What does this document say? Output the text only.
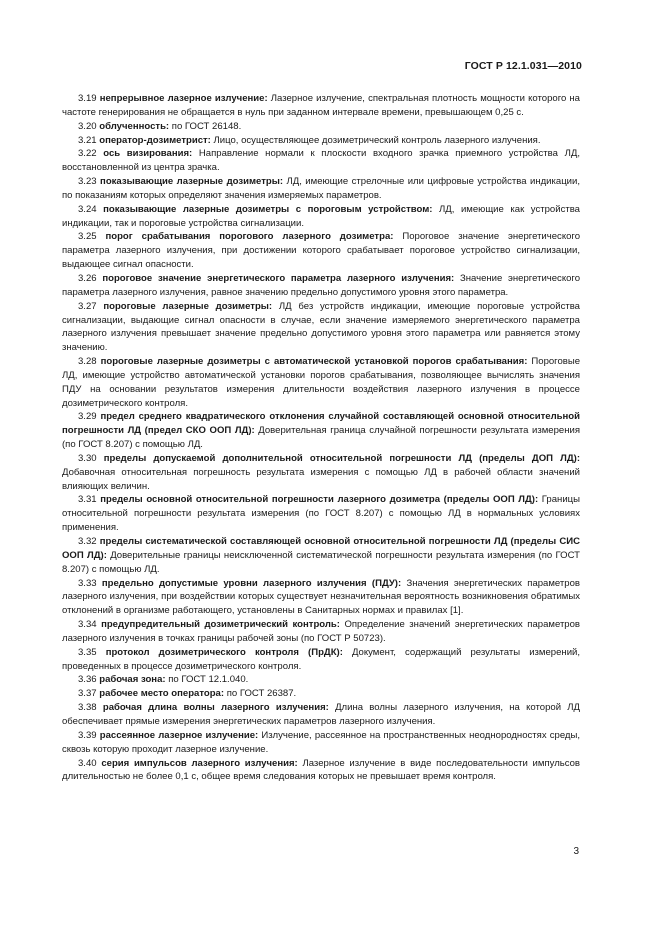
ГОСТ Р 12.1.031—2010

3.19 непрерывное лазерное излучение: Лазерное излучение, спектральная плотность мощности которого на частоте генерирования не обращается в нуль при заданном интервале времени, превышающем 0,25 с.

3.20 облученность: по ГОСТ 26148.

3.21 оператор-дозиметрист: Лицо, осуществляющее дозиметрический контроль лазерного излучения.

3.22 ось визирования: Направление нормали к плоскости входного зрачка приемного устройства ЛД, восстановленной из центра зрачка.

3.23 показывающие лазерные дозиметры: ЛД, имеющие стрелочные или цифровые устройства индикации, по показаниям которых определяют значения измеряемых параметров.

3.24 показывающие лазерные дозиметры с пороговым устройством: ЛД, имеющие как устройства индикации, так и пороговые устройства сигнализации.

3.25 порог срабатывания порогового лазерного дозиметра: Пороговое значение энергетического параметра лазерного излучения, при достижении которого срабатывает пороговое устройство сигнализации, выдающее сигнал опасности.

3.26 пороговое значение энергетического параметра лазерного излучения: Значение энергетического параметра лазерного излучения, равное значению предельно допустимого уровня этого параметра.

3.27 пороговые лазерные дозиметры: ЛД без устройств индикации, имеющие пороговые устройства сигнализации, выдающие сигнал опасности в случае, если значение измеряемого энергетического параметра лазерного излучения превышает значение предельно допустимого уровня этого параметра или равняется этому значению.

3.28 пороговые лазерные дозиметры с автоматической установкой порогов срабатывания: Пороговые ЛД, имеющие устройство автоматической установки порогов срабатывания, позволяющее вычислять значения ПДУ на основании результатов измерения длительности воздействия лазерного излучения в процессе дозиметрического контроля.

3.29 предел среднего квадратического отклонения случайной составляющей основной относительной погрешности ЛД (предел СКО ООП ЛД): Доверительная граница случайной погрешности результата измерения (по ГОСТ 8.207) с помощью ЛД.

3.30 пределы допускаемой дополнительной относительной погрешности ЛД (пределы ДОП ЛД): Добавочная относительная погрешность результата измерения с помощью ЛД в рабочей области значений влияющих величин.

3.31 пределы основной относительной погрешности лазерного дозиметра (пределы ООП ЛД): Границы относительной погрешности результата измерения (по ГОСТ 8.207) с помощью ЛД в нормальных условиях применения.

3.32 пределы систематической составляющей основной относительной погрешности ЛД (пределы СИС ООП ЛД): Доверительные границы неисключенной систематической погрешности результата измерения (по ГОСТ 8.207) с помощью ЛД.

3.33 предельно допустимые уровни лазерного излучения (ПДУ): Значения энергетических параметров лазерного излучения, при воздействии которых существует незначительная вероятность возникновения обратимых отклонений в организме работающего, установлены в Санитарных нормах и правилах [1].

3.34 предупредительный дозиметрический контроль: Определение значений энергетических параметров лазерного излучения в точках границы рабочей зоны (по ГОСТ Р 50723).

3.35 протокол дозиметрического контроля (ПрДК): Документ, содержащий результаты измерений, проведенных в процессе дозиметрического контроля.

3.36 рабочая зона: по ГОСТ 12.1.040.

3.37 рабочее место оператора: по ГОСТ 26387.

3.38 рабочая длина волны лазерного излучения: Длина волны лазерного излучения, на которой ЛД обеспечивает прямые измерения энергетических параметров лазерного излучения.

3.39 рассеянное лазерное излучение: Излучение, рассеянное на пространственных неоднородностях среды, сквозь которую проходит лазерное излучение.

3.40 серия импульсов лазерного излучения: Лазерное излучение в виде последовательности импульсов длительностью не более 0,1 с, общее время следования которых не превышает время контроля.

3
